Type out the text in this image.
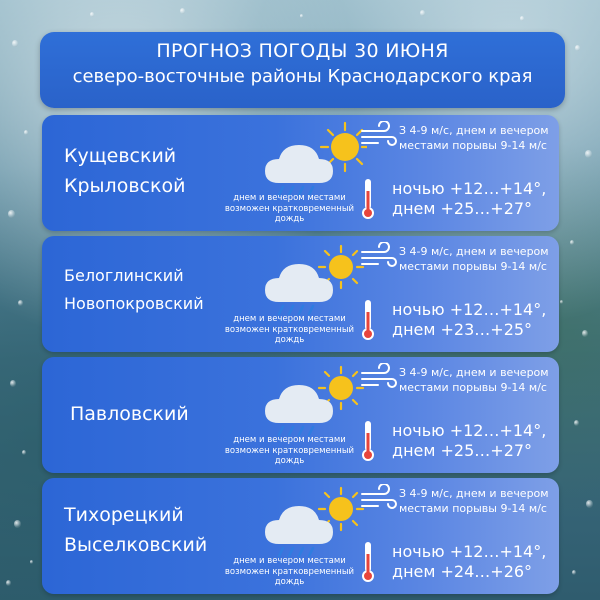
ПРОГНОЗ ПОГОДЫ 30 ИЮНЯ
северо-восточные районы Краснодарского края
Кущевский
Крыловской
днем и вечером местами возможен кратковременный дождь
З 4-9 м/с, днем и вечером местами порывы 9-14 м/с
ночью +12…+14°,
днем +25…+27°
Белоглинский
Новопокровский
днем и вечером местами возможен кратковременный дождь
З 4-9 м/с, днем и вечером местами порывы 9-14 м/с
ночью +12…+14°,
днем +23…+25°
Павловский
днем и вечером местами возможен кратковременный дождь
З 4-9 м/с, днем и вечером местами порывы 9-14 м/с
ночью +12…+14°,
днем +25…+27°
Тихорецкий
Выселковский
днем и вечером местами возможен кратковременный дождь
З 4-9 м/с, днем и вечером местами порывы 9-14 м/с
ночью +12…+14°,
днем +24…+26°
